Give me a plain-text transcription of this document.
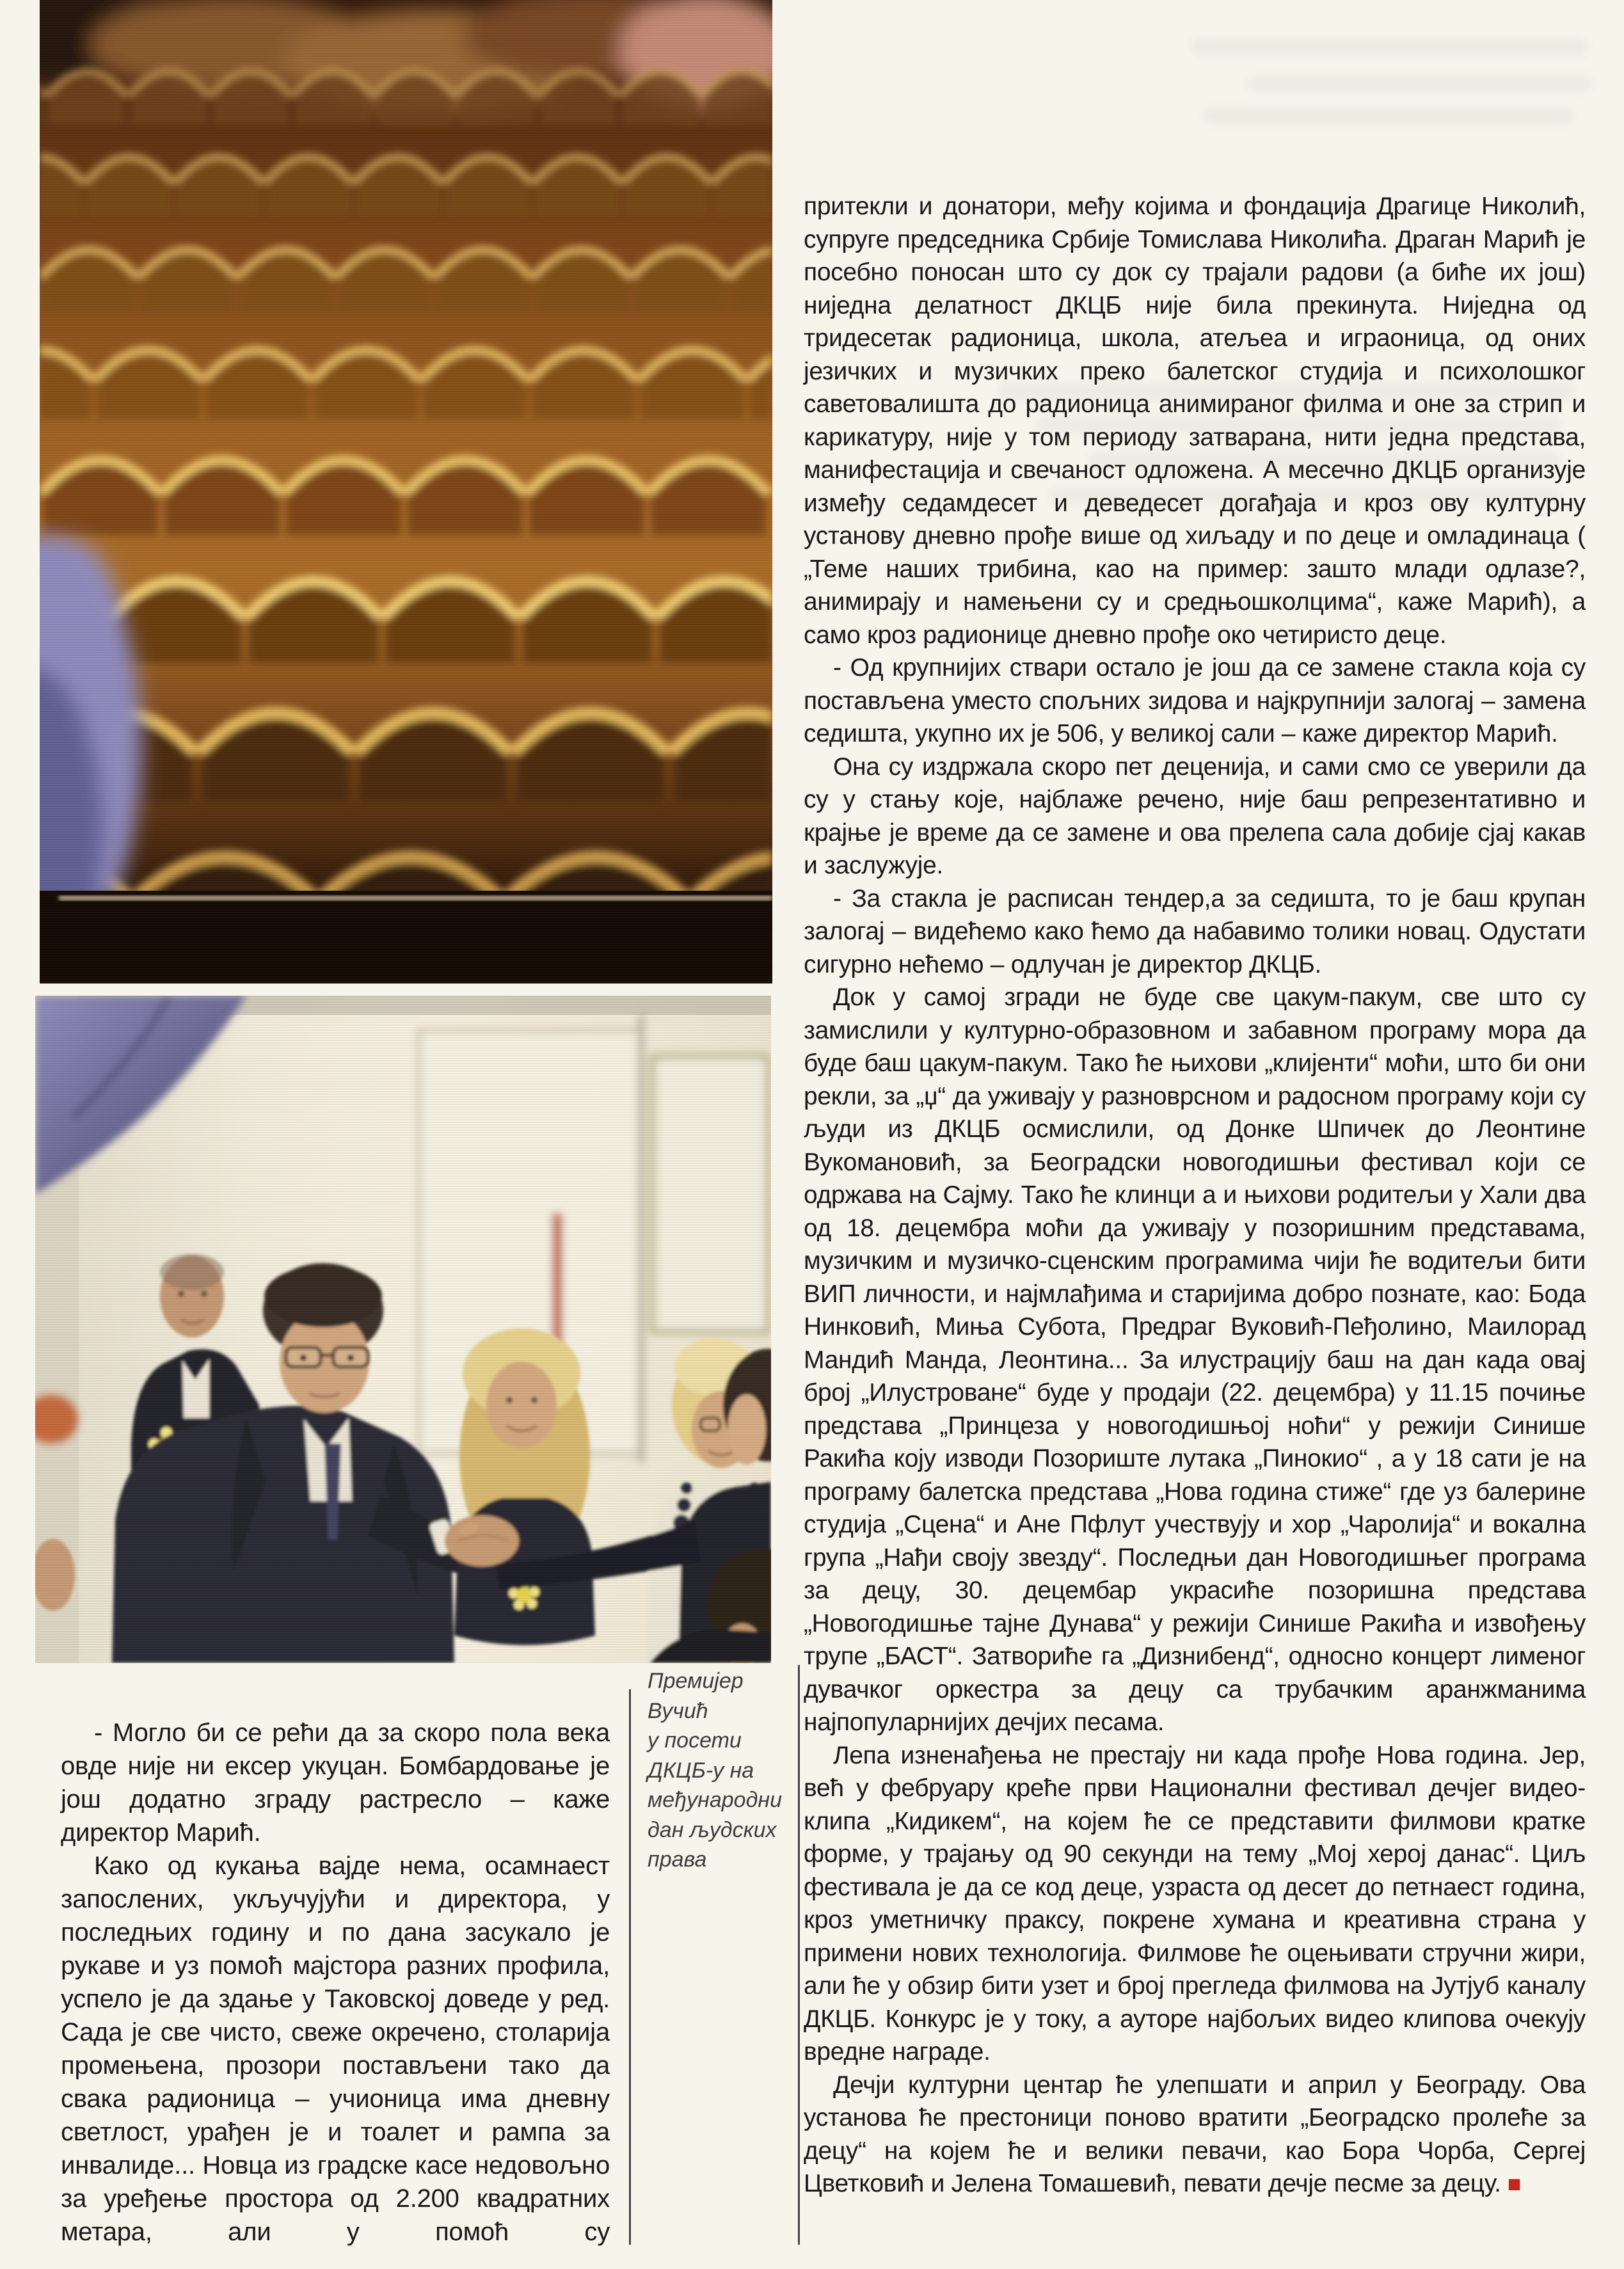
- Могло би се рећи да за скоро пола века овде није ни ексер укуцан. Бомбардовање је још додатно зграду растресло – каже директор Марић.

Како од кукања вајде нема, осамнаест запослених, укључујући и директора, у последњих годину и по дана засукало је рукаве и уз помоћ мајстора разних профила, успело је да здање у Таковској доведе у ред. Сада је све чисто, свеже окречено, столарија промењена, прозори постављени тако да свака радионица – учионица има дневну светлост, урађен је и тоалет и рампа за инвалиде... Новца из градске касе недовољно за уређење простора од 2.200 квадратних метара, али у помоћ су

Премијер
Вучић
у посети
ДКЦБ-у на
међународни
дан људских
права

притекли и донатори, међу којима и фондација Драгице Николић, супруге председника Србије Томислава Николића. Драган Марић је посебно поносан што су док су трајали радови (а биће их још) ниједна делатност ДКЦБ није била прекинута. Ниједна од тридесетак радионица, школа, атељеа и играоница, од оних језичких и музичких преко балетског студија и психолошког саветовалишта до радионица анимираног филма и оне за стрип и карикатуру, није у том периоду затварана, нити једна представа, манифестација и свечаност одложена. А месечно ДКЦБ организује између седамдесет и деведесет догађаја и кроз ову културну установу дневно прође више од хиљаду и по деце и омладинаца ( „Теме наших трибина, као на пример: зашто млади одлазе?, анимирају и намењени су и средњошколцима“, каже Марић), а само кроз радионице дневно прође око четиристо деце.

- Од крупнијих ствари остало је још да се замене стакла која су постављена уместо спољних зидова и најкрупнији залогај – замена седишта, укупно их је 506, у великој сали – каже директор Марић.

Она су издржала скоро пет деценија, и сами смо се уверили да су у стању које, најблаже речено, није баш репрезентативно и крајње је време да се замене и ова прелепа сала добије сјај какав и заслужује.

- За стакла је расписан тендер,а за седишта, то је баш крупан залогај – видећемо како ћемо да набавимо толики новац. Одустати сигурно нећемо – одлучан је директор ДКЦБ.

Док у самој згради не буде све цакум-пакум, све што су замислили у културно-образовном и забавном програму мора да буде баш цакум-пакум. Тако ће њихови „клијенти“ моћи, што би они рекли, за „џ“ да уживају у разноврсном и радосном програму који су људи из ДКЦБ осмислили, од Донке Шпичек до Леонтине Вукомановић, за Београдски новогодишњи фестивал који се одржава на Сајму. Тако ће клинци а и њихови родитељи у Хали два од 18. децембра моћи да уживају у позоришним представама, музичким и музичко-сценским програмима чији ће водитељи бити ВИП личности, и најмлађима и старијима добро познате, као: Бода Нинковић, Миња Субота, Предраг Вуковић-Пеђолино, Маилорад Мандић Манда, Леонтина... За илустрацију баш на дан када овај број „Илустроване“ буде у продаји (22. децембра) у 11.15 почиње представа „Принцеза у новогодишњој ноћи“ у режији Синише Ракића коју изводи Позориште лутака „Пинокио“ , а у 18 сати је на програму балетска представа „Нова година стиже“ где уз балерине студија „Сцена“ и Ане Пфлут учествују и хор „Чаролија“ и вокална група „Нађи своју звезду“. Последњи дан Новогодишњег програма за децу, 30. децембар украсиће позоришна представа „Новогодишње тајне Дунава“ у режији Синише Ракића и извођењу трупе „БАСТ“. Затвориће га „Дизнибенд“, односно концерт лименог дувачког оркестра за децу са трубачким аранжманима најпопуларнијих дечјих песама.

Лепа изненађења не престају ни када прође Нова година. Јер, већ у фебруару креће први Национални фестивал дечјег видео-клипа „Кидикем“, на којем ће се представити филмови кратке форме, у трајању од 90 секунди на тему „Мој херој данас“. Циљ фестивала је да се код деце, узраста од десет до петнаест година, кроз уметничку праксу, покрене хумана и креативна страна у примени нових технологија. Филмове ће оцењивати стручни жири, али ће у обзир бити узет и број прегледа филмова на Јутјуб каналу ДКЦБ. Конкурс је у току, а ауторе најбољих видео клипова очекују вредне награде.

Дечји културни центар ће улепшати и април у Београду. Ова установа ће престоници поново вратити „Београдско пролеће за децу“ на којем ће и велики певачи, као Бора Чорба, Сергеј Цветковић и Јелена Томашевић, певати дечје песме за децу. ■
